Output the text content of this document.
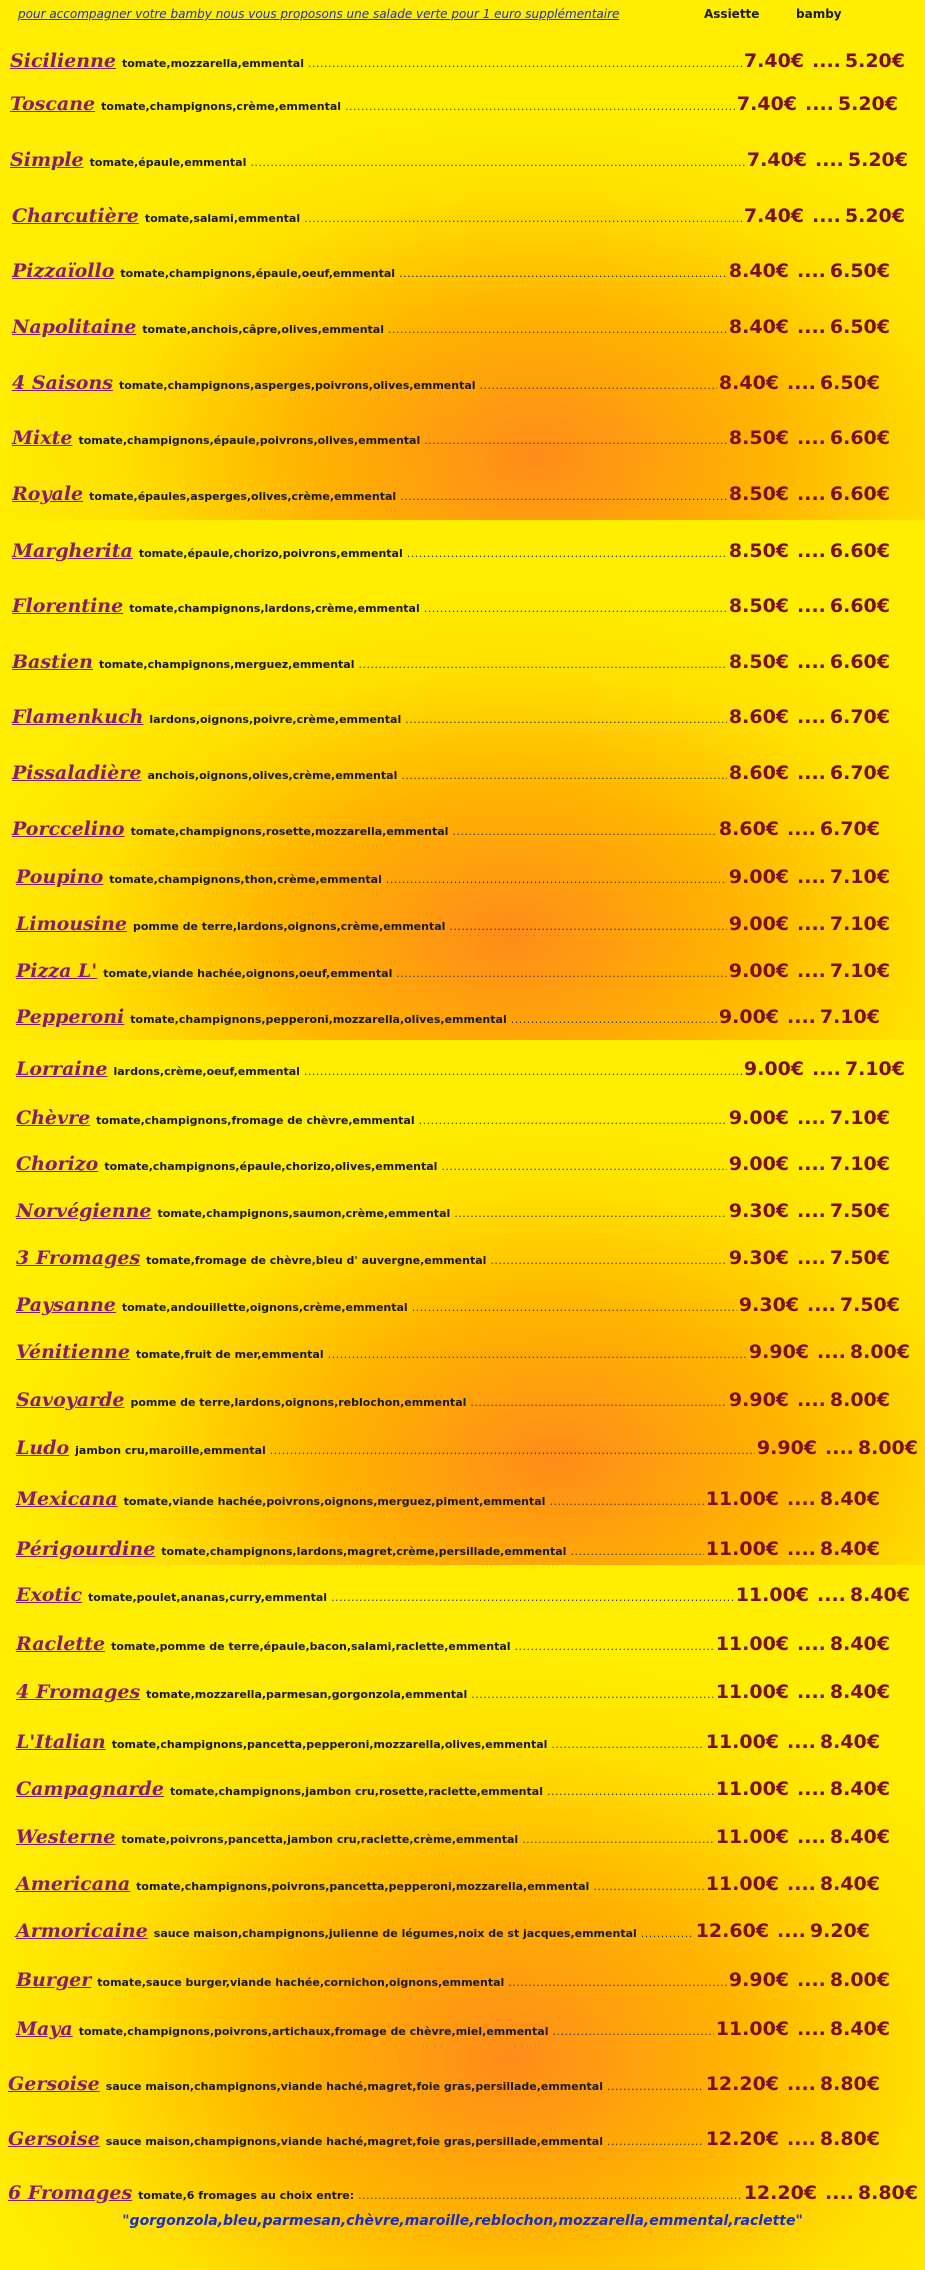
pour accompagner votre bamby nous vous proposons une salade verte pour 1 euro supplémentaire	Assiette	bamby
Sicilienne tomate,mozzarella,emmental .....	7.40€ .... 5.20€
Toscane tomate,champignons,crème,emmental .....	7.40€ .... 5.20€
Simple tomate,épaule,emmental .....	7.40€ .... 5.20€
Charcutière tomate,salami,emmental .....	7.40€ .... 5.20€
Pizzaïollo tomate,champignons,épaule,oeuf,emmental .....	8.40€ .... 6.50€
Napolitaine tomate,anchois,câpre,olives,emmental .....	8.40€ .... 6.50€
4 Saisons tomate,champignons,asperges,poivrons,olives,emmental .....	8.40€ .... 6.50€
Mixte tomate,champignons,épaule,poivrons,olives,emmental .....	8.50€ .... 6.60€
Royale tomate,épaules,asperges,olives,crème,emmental .....	8.50€ .... 6.60€
Margherita tomate,épaule,chorizo,poivrons,emmental .....	8.50€ .... 6.60€
Florentine tomate,champignons,lardons,crème,emmental .....	8.50€ .... 6.60€
Bastien tomate,champignons,merguez,emmental .....	8.50€ .... 6.60€
Flamenkuch lardons,oignons,poivre,crème,emmental .....	8.60€ .... 6.70€
Pissaladière anchois,oignons,olives,crème,emmental .....	8.60€ .... 6.70€
Porccelino tomate,champignons,rosette,mozzarella,emmental .....	8.60€ .... 6.70€
Poupino tomate,champignons,thon,crème,emmental .....	9.00€ .... 7.10€
Limousine pomme de terre,lardons,oignons,crème,emmental .....	9.00€ .... 7.10€
Pizza L' tomate,viande hachée,oignons,oeuf,emmental .....	9.00€ .... 7.10€
Pepperoni tomate,champignons,pepperoni,mozzarella,olives,emmental .....	9.00€ .... 7.10€
Lorraine lardons,crème,oeuf,emmental .....	9.00€ .... 7.10€
Chèvre tomate,champignons,fromage de chèvre,emmental .....	9.00€ .... 7.10€
Chorizo tomate,champignons,épaule,chorizo,olives,emmental .....	9.00€ .... 7.10€
Norvégienne tomate,champignons,saumon,crème,emmental .....	9.30€ .... 7.50€
3 Fromages tomate,fromage de chèvre,bleu d' auvergne,emmental .....	9.30€ .... 7.50€
Paysanne tomate,andouillette,oignons,crème,emmental .....	9.30€ .... 7.50€
Vénitienne tomate,fruit de mer,emmental .....	9.90€ .... 8.00€
Savoyarde pomme de terre,lardons,oignons,reblochon,emmental .....	9.90€ .... 8.00€
Ludo jambon cru,maroille,emmental .....	9.90€ .... 8.00€
Mexicana tomate,viande hachée,poivrons,oignons,merguez,piment,emmental .....	11.00€ .... 8.40€
Périgourdine tomate,champignons,lardons,magret,crème,persillade,emmental .....	11.00€ .... 8.40€
Exotic tomate,poulet,ananas,curry,emmental .....	11.00€ .... 8.40€
Raclette tomate,pomme de terre,épaule,bacon,salami,raclette,emmental .....	11.00€ .... 8.40€
4 Fromages tomate,mozzarella,parmesan,gorgonzola,emmental .....	11.00€ .... 8.40€
L'Italian tomate,champignons,pancetta,pepperoni,mozzarella,olives,emmental .....	11.00€ .... 8.40€
Campagnarde tomate,champignons,jambon cru,rosette,raclette,emmental .....	11.00€ .... 8.40€
Westerne tomate,poivrons,pancetta,jambon cru,raclette,crème,emmental .....	11.00€ .... 8.40€
Americana tomate,champignons,poivrons,pancetta,pepperoni,mozzarella,emmental .....	11.00€ .... 8.40€
Armoricaine sauce maison,champignons,julienne de légumes,noix de st jacques,emmental .....	12.60€ .... 9.20€
Burger tomate,sauce burger,viande hachée,cornichon,oignons,emmental .....	9.90€ .... 8.00€
Maya tomate,champignons,poivrons,artichaux,fromage de chèvre,miel,emmental .....	11.00€ .... 8.40€
Gersoise sauce maison,champignons,viande haché,magret,foie gras,persillade,emmental .....	12.20€ .... 8.80€
Gersoise sauce maison,champignons,viande haché,magret,foie gras,persillade,emmental .....	12.20€ .... 8.80€
6 Fromages tomate,6 fromages au choix entre: .....	12.20€ .... 8.80€
"gorgonzola,bleu,parmesan,chèvre,maroille,reblochon,mozzarella,emmental,raclette"
